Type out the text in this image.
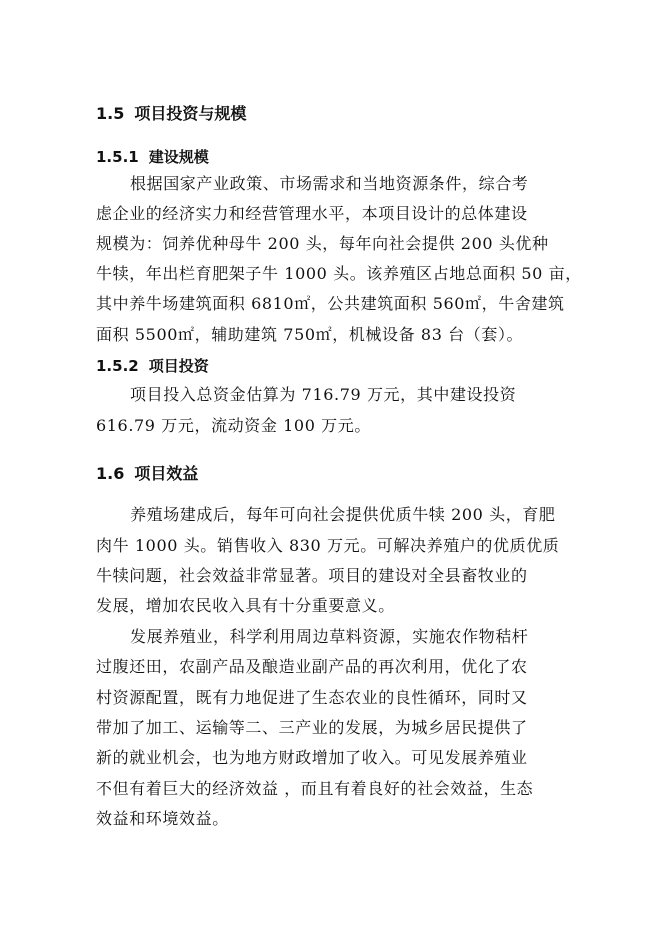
1.5 项目投资与规模
1.5.1 建设规模
根据国家产业政策、市场需求和当地资源条件，综合考
虑企业的经济实力和经营管理水平，本项目设计的总体建设
规模为：饲养优种母牛 200 头，每年向社会提供 200 头优种
牛犊，年出栏育肥架子牛 1000 头。该养殖区占地总面积 50 亩，
其中养牛场建筑面积 6810㎡，公共建筑面积 560㎡，牛舍建筑
面积 5500㎡，辅助建筑 750㎡，机械设备 83 台（套）。
1.5.2 项目投资
项目投入总资金估算为 716.79 万元，其中建设投资
616.79 万元，流动资金 100 万元。
1.6 项目效益
养殖场建成后，每年可向社会提供优质牛犊 200 头，育肥
肉牛 1000 头。销售收入 830 万元。可解决养殖户的优质优质
牛犊问题，社会效益非常显著。项目的建设对全县畜牧业的
发展，增加农民收入具有十分重要意义。
发展养殖业，科学利用周边草料资源，实施农作物秸杆
过腹还田，农副产品及酿造业副产品的再次利用，优化了农
村资源配置，既有力地促进了生态农业的良性循环，同时又
带加了加工、运输等二、三产业的发展，为城乡居民提供了
新的就业机会，也为地方财政增加了收入。可见发展养殖业
不但有着巨大的经济效益 ，而且有着良好的社会效益，生态
效益和环境效益。
